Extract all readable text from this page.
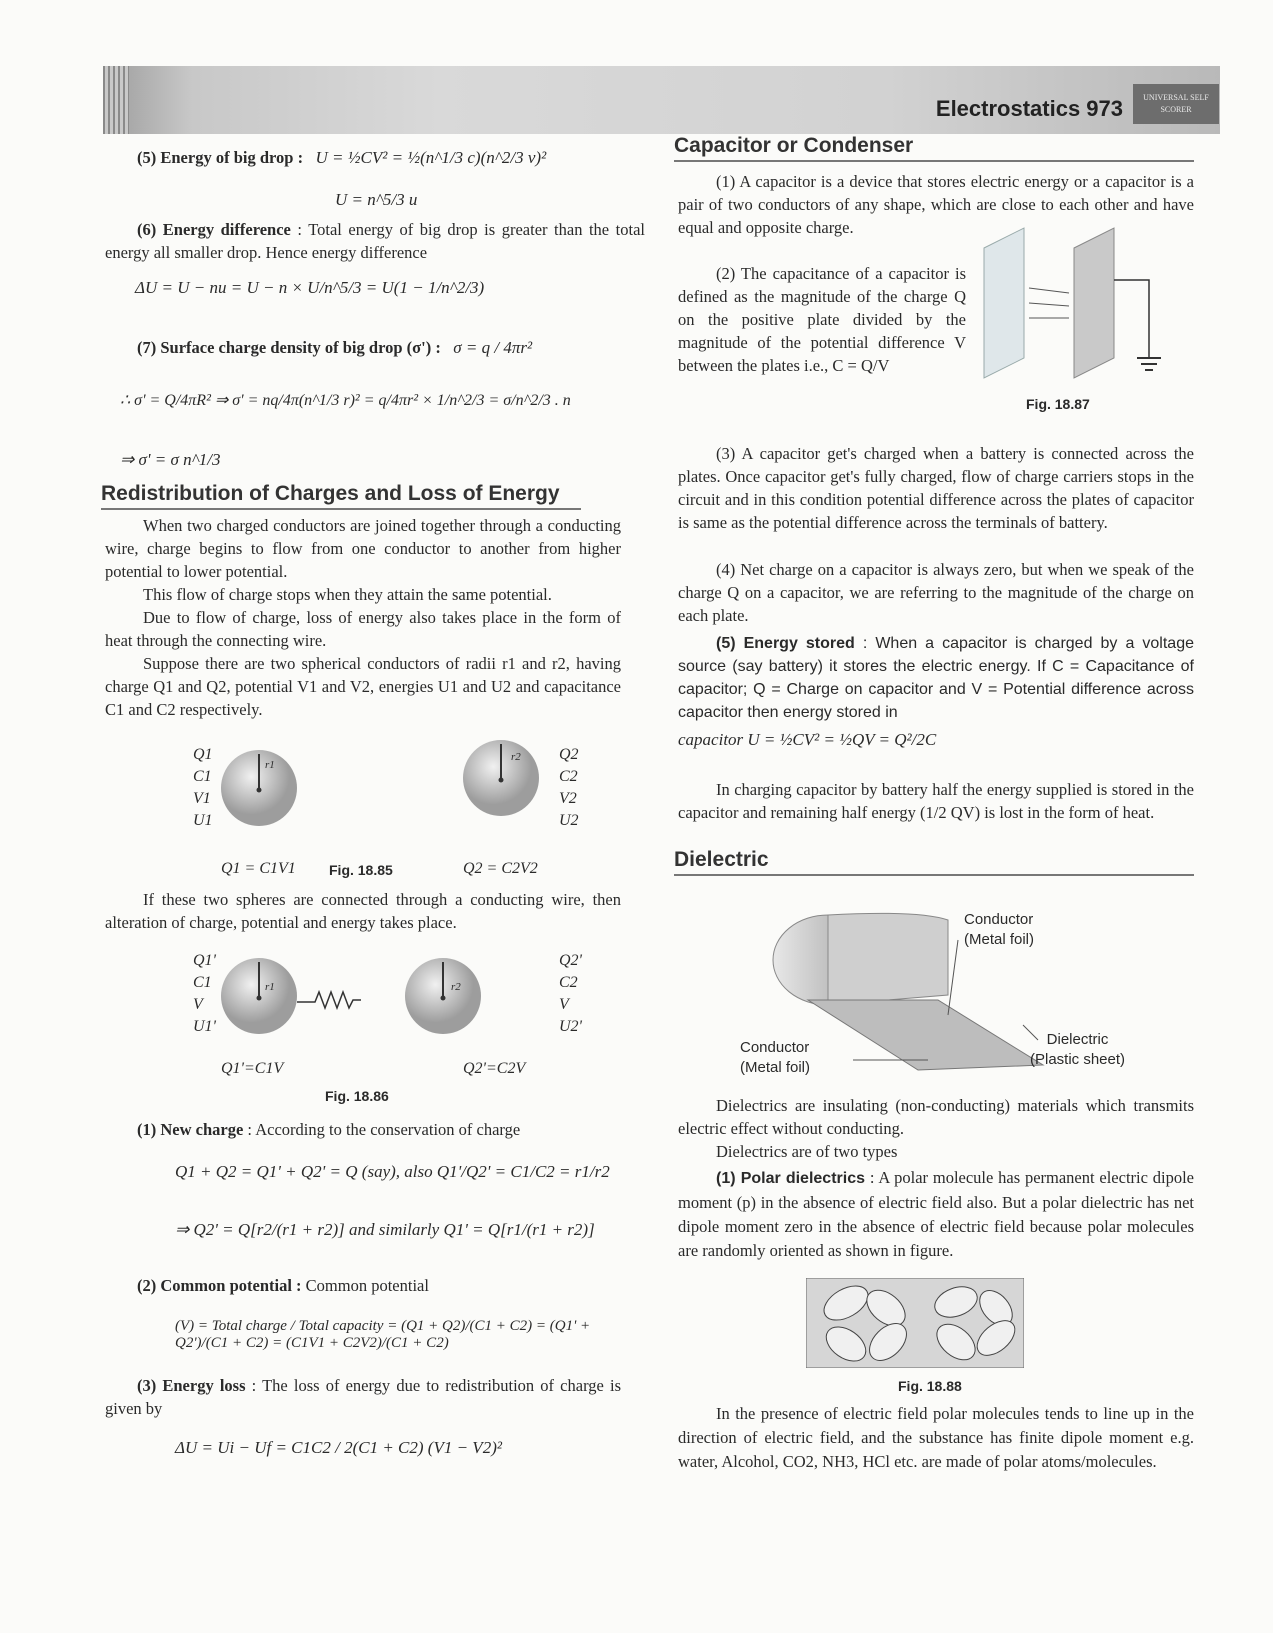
Electrostatics 973	UNIVERSAL SELF SCORER
(5) Energy of big drop : U = ½CV² = ½(n^1/3 c)(n^2/3 v)²
U = n^5/3 u
(6) Energy difference : Total energy of big drop is greater than the total energy all smaller drop. Hence energy difference
ΔU = U − nu = U − n × U/n^5/3 = U(1 − 1/n^2/3)
(7) Surface charge density of big drop (σ') : σ = q / 4πr²
∴ σ' = Q/4πR² ⇒ σ' = nq/4π(n^1/3 r)² = q/4πr² × 1/n^2/3 = σ/n^2/3 . n
⇒ σ' = σ n^1/3
Redistribution of Charges and Loss of Energy

When two charged conductors are joined together through a conducting wire, charge begins to flow from one conductor to another from higher potential to lower potential.

This flow of charge stops when they attain the same potential.

Due to flow of charge, loss of energy also takes place in the form of heat through the connecting wire.

Suppose there are two spherical conductors of radii r1 and r2, having charge Q1 and Q2, potential V1 and V2, energies U1 and U2 and capacitance C1 and C2 respectively.

Q1
C1
V1
U1
r1
r2 Q2
C2
V2
U2
Q1 = C1V1	Q2 = C2V2
Fig. 18.85
If these two spheres are connected through a conducting wire, then alteration of charge, potential and energy takes place.
Q1'
C1
V
U1'
r1	r2
Q2'
C2
V
U2'
Q1'=C1V	Q2'=C2V
Fig. 18.86
(1) New charge : According to the conservation of charge
Q1 + Q2 = Q1' + Q2' = Q (say), also Q1'/Q2' = C1/C2 = r1/r2
⇒ Q2' = Q[r2/(r1 + r2)] and similarly Q1' = Q[r1/(r1 + r2)]
(2) Common potential : Common potential
(V) = Total charge / Total capacity = (Q1 + Q2)/(C1 + C2) = (Q1' + Q2')/(C1 + C2) = (C1V1 + C2V2)/(C1 + C2)
(3) Energy loss : The loss of energy due to redistribution of charge is given by
ΔU = Ui − Uf = C1C2 / 2(C1 + C2) (V1 − V2)²
Capacitor or Condenser

(1) A capacitor is a device that stores electric energy or a capacitor is a pair of two conductors of any shape, which are close to each other and have equal and opposite charge.

(2) The capacitance of a capacitor is defined as the magnitude of the charge Q on the positive plate divided by the magnitude of the potential difference V between the plates i.e., C = Q/V

Fig. 18.87

(3) A capacitor get's charged when a battery is connected across the plates. Once capacitor get's fully charged, flow of charge carriers stops in the circuit and in this condition potential difference across the plates of capacitor is same as the potential difference across the terminals of battery.

(4) Net charge on a capacitor is always zero, but when we speak of the charge Q on a capacitor, we are referring to the magnitude of the charge on each plate.

(5) Energy stored : When a capacitor is charged by a voltage source (say battery) it stores the electric energy. If C = Capacitance of capacitor; Q = Charge on capacitor and V = Potential difference across capacitor then energy stored in
capacitor U = ½CV² = ½QV = Q²/2C

In charging capacitor by battery half the energy supplied is stored in the capacitor and remaining half energy (1/2 QV) is lost in the form of heat.

Dielectric
Conductor
(Metal foil)
Conductor
(Metal foil)
Dielectric
(Plastic sheet)

Dielectrics are insulating (non-conducting) materials which transmits electric effect without conducting.

Dielectrics are of two types

(1) Polar dielectrics : A polar molecule has permanent electric dipole moment (p) in the absence of electric field also. But a polar dielectric has net dipole moment zero in the absence of electric field because polar molecules are randomly oriented as shown in figure.
Fig. 18.88

In the presence of electric field polar molecules tends to line up in the direction of electric field, and the substance has finite dipole moment e.g. water, Alcohol, CO2, NH3, HCl etc. are made of polar atoms/molecules.
